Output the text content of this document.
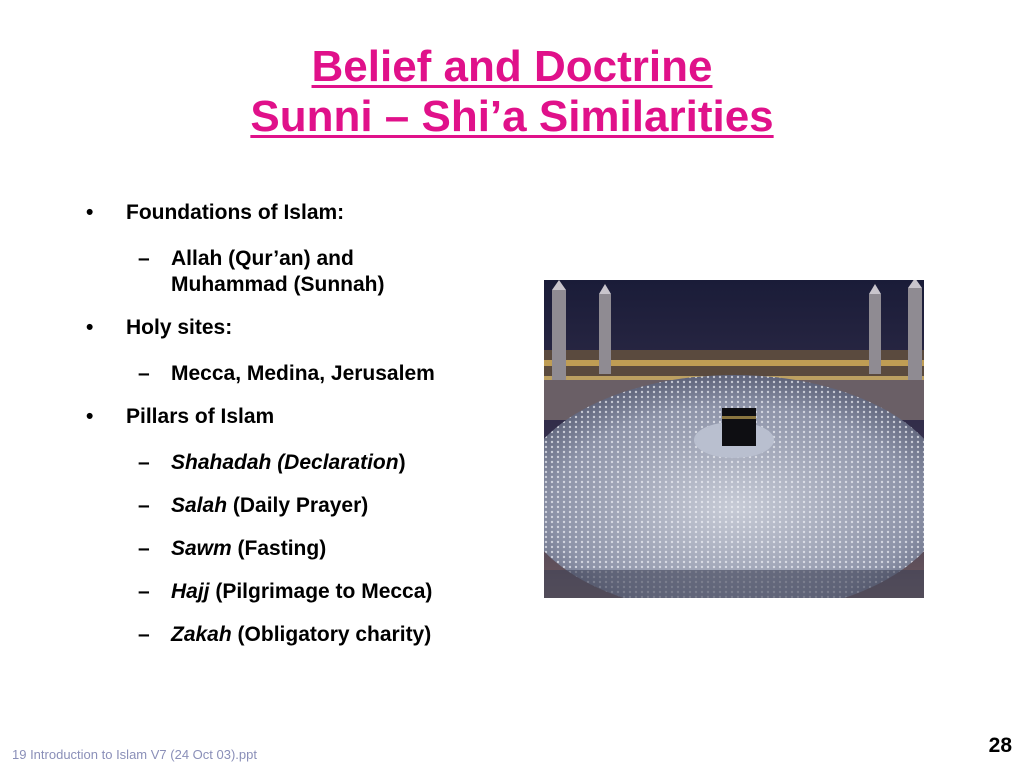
Belief and Doctrine
Sunni – Shi’a Similarities
• Foundations of Islam:
– Allah (Qur’an) and Muhammad (Sunnah)
• Holy sites:
– Mecca, Medina, Jerusalem
• Pillars of Islam
– Shahadah (Declaration)
– Salah (Daily Prayer)
– Sawm (Fasting)
– Hajj (Pilgrimage to Mecca)
– Zakah (Obligatory charity)
19 Introduction to Islam V7 (24 Oct 03).ppt	28
